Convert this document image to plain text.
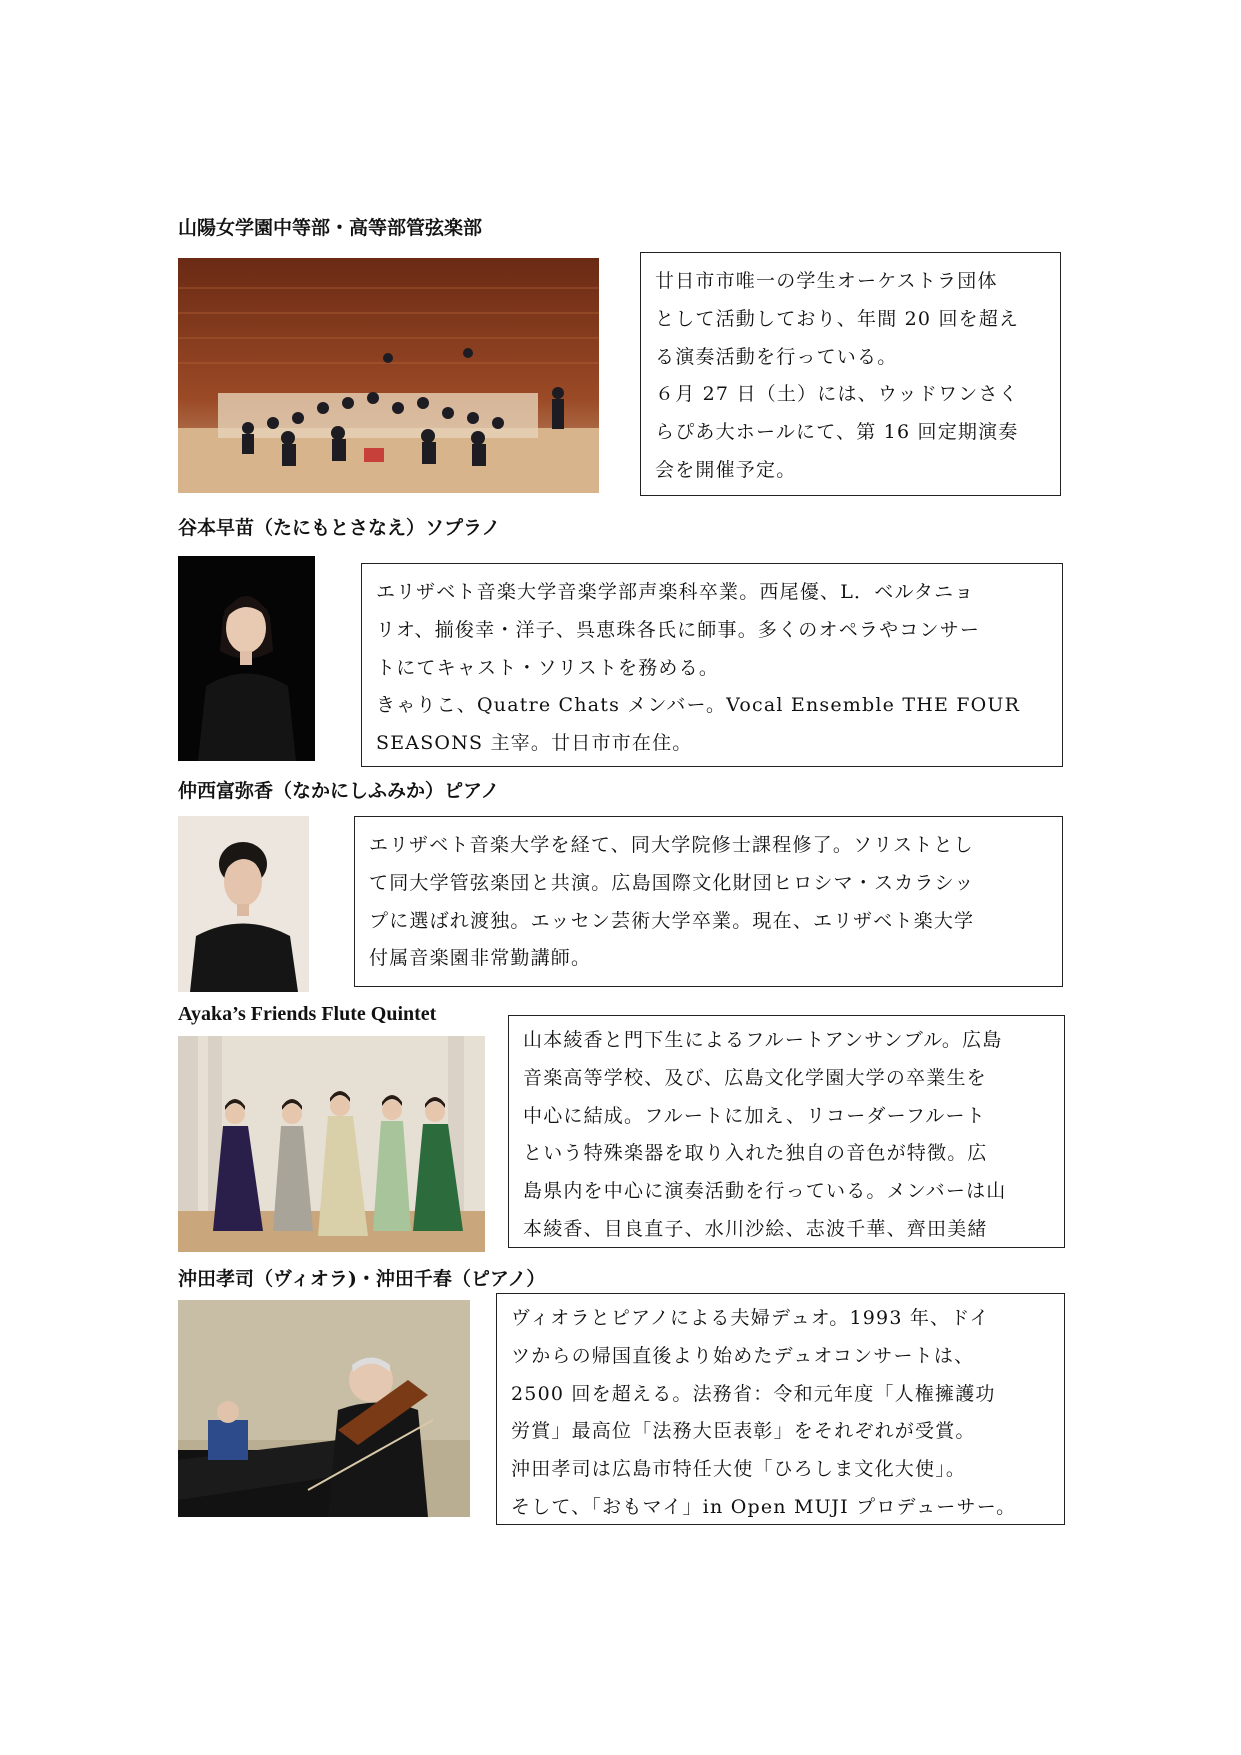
山陽女学園中等部・高等部管弦楽部
廿日市市唯一の学生オーケストラ団体
として活動しており、年間 20 回を超え
る演奏活動を行っている。
６月 27 日（土）には、ウッドワンさく
らぴあ大ホールにて、第 16 回定期演奏
会を開催予定。
谷本早苗（たにもとさなえ）ソプラノ
エリザベト音楽大学音楽学部声楽科卒業。西尾優、L．ベルタニョ
リオ、揃俊幸・洋子、呉恵珠各氏に師事。多くのオペラやコンサー
トにてキャスト・ソリストを務める。
きゃりこ、Quatre Chats メンバー。Vocal Ensemble THE FOUR
SEASONS 主宰。廿日市市在住。
仲西富弥香（なかにしふみか）ピアノ
エリザベト音楽大学を経て、同大学院修士課程修了。ソリストとし
て同大学管弦楽団と共演。広島国際文化財団ヒロシマ・スカラシッ
プに選ばれ渡独。エッセン芸術大学卒業。現在、エリザベト楽大学
付属音楽園非常勤講師。
Ayaka’s Friends Flute Quintet
山本綾香と門下生によるフルートアンサンブル。広島
音楽高等学校、及び、広島文化学園大学の卒業生を
中心に結成。フルートに加え、リコーダーフルート
という特殊楽器を取り入れた独自の音色が特徴。広
島県内を中心に演奏活動を行っている。メンバーは山
本綾香、目良直子、水川沙絵、志波千華、齊田美緒
沖田孝司（ヴィオラ)・沖田千春（ピアノ）
ヴィオラとピアノによる夫婦デュオ。1993 年、ドイ
ツからの帰国直後より始めたデュオコンサートは、
2500 回を超える。法務省：令和元年度「人権擁護功
労賞」最高位「法務大臣表彰」をそれぞれが受賞。
沖田孝司は広島市特任大使「ひろしま文化大使」。
そして、「おもマイ」in Open MUJI プロデューサー。
